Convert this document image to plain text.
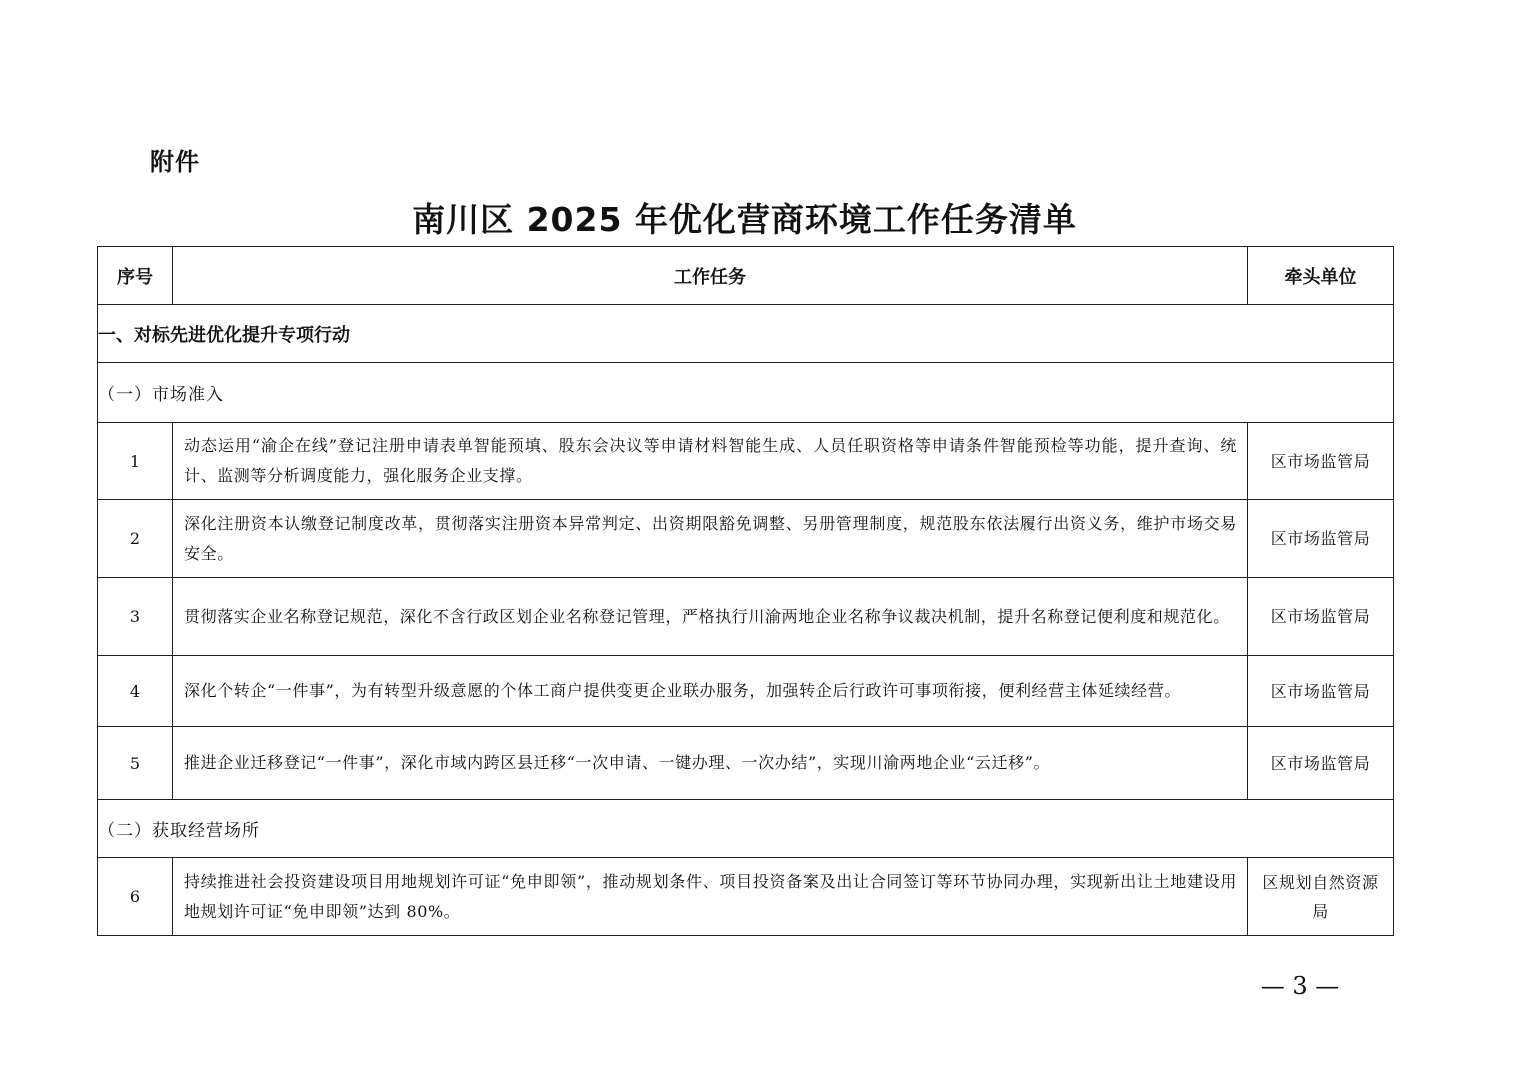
附件
南川区 2025 年优化营商环境工作任务清单
序号	工作任务	牵头单位
一、对标先进优化提升专项行动		
（一）市场准入		
1	动态运用“渝企在线”登记注册申请表单智能预填、股东会决议等申请材料智能生成、人员任职资格等申请条件智能预检等功能，提升查询、统计、监测等分析调度能力，强化服务企业支撑。	区市场监管局
2	深化注册资本认缴登记制度改革，贯彻落实注册资本异常判定、出资期限豁免调整、另册管理制度，规范股东依法履行出资义务，维护市场交易安全。	区市场监管局
3	贯彻落实企业名称登记规范，深化不含行政区划企业名称登记管理，严格执行川渝两地企业名称争议裁决机制，提升名称登记便利度和规范化。	区市场监管局
4	深化个转企“一件事”，为有转型升级意愿的个体工商户提供变更企业联办服务，加强转企后行政许可事项衔接，便利经营主体延续经营。	区市场监管局
5	推进企业迁移登记“一件事”，深化市域内跨区县迁移“一次申请、一键办理、一次办结”，实现川渝两地企业“云迁移”。	区市场监管局
（二）获取经营场所		
6	持续推进社会投资建设项目用地规划许可证“免申即领”，推动规划条件、项目投资备案及出让合同签订等环节协同办理，实现新出让土地建设用地规划许可证“免申即领”达到 80%。	区规划自然资源局
— 3 —
